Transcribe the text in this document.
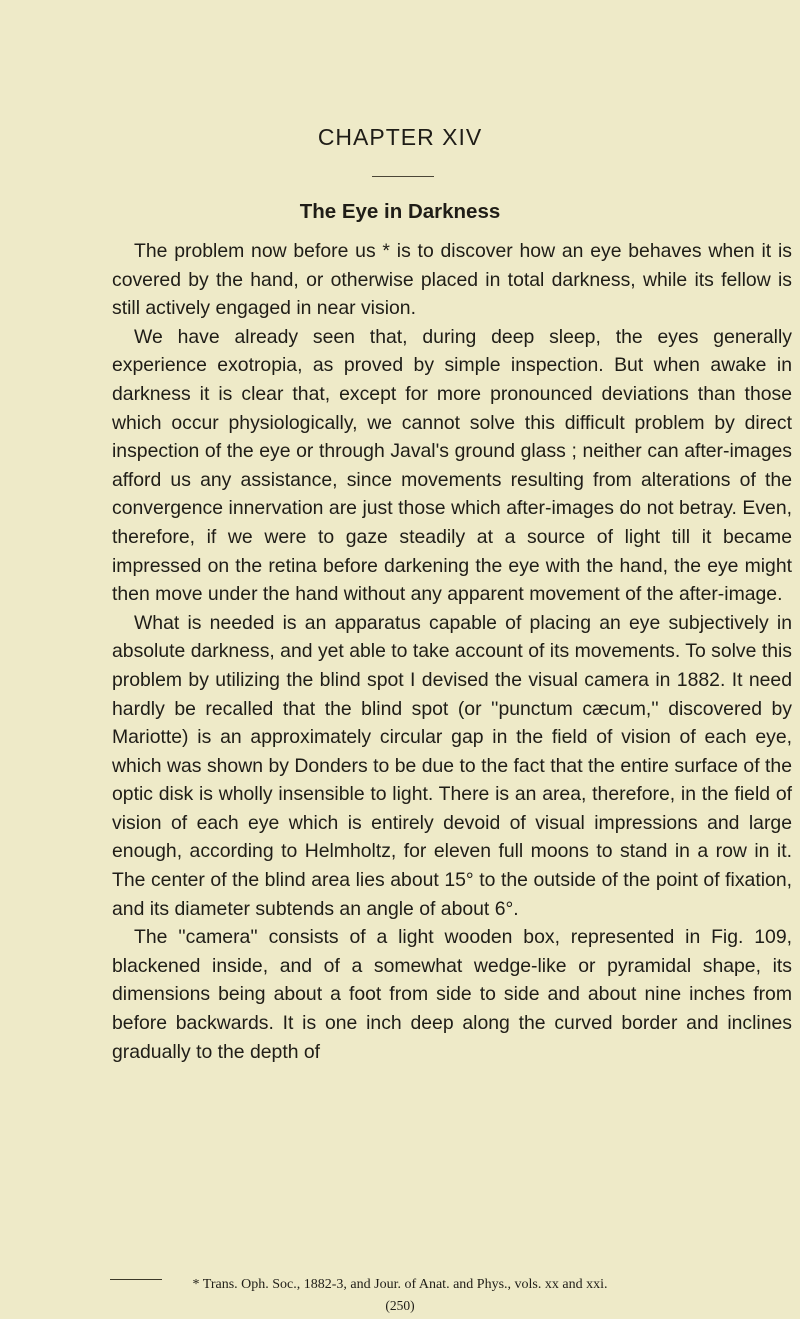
CHAPTER XIV
The Eye in Darkness

The problem now before us * is to discover how an eye behaves when it is covered by the hand, or otherwise placed in total darkness, while its fellow is still actively engaged in near vision.

We have already seen that, during deep sleep, the eyes generally experience exotropia, as proved by simple inspection. But when awake in darkness it is clear that, except for more pronounced deviations than those which occur physiologically, we cannot solve this difficult problem by direct inspection of the eye or through Javal's ground glass ; neither can after-images afford us any assistance, since movements resulting from alterations of the convergence innervation are just those which after-images do not betray. Even, therefore, if we were to gaze steadily at a source of light till it became impressed on the retina before darkening the eye with the hand, the eye might then move under the hand without any apparent movement of the after-image.

What is needed is an apparatus capable of placing an eye subjectively in absolute darkness, and yet able to take account of its movements. To solve this problem by utilizing the blind spot I devised the visual camera in 1882. It need hardly be recalled that the blind spot (or ''punctum cæcum,'' discovered by Mariotte) is an approximately circular gap in the field of vision of each eye, which was shown by Donders to be due to the fact that the entire surface of the optic disk is wholly insensible to light. There is an area, therefore, in the field of vision of each eye which is entirely devoid of visual impressions and large enough, according to Helmholtz, for eleven full moons to stand in a row in it. The center of the blind area lies about 15° to the outside of the point of fixation, and its diameter subtends an angle of about 6°.

The ''camera'' consists of a light wooden box, represented in Fig. 109, blackened inside, and of a somewhat wedge-like or pyramidal shape, its dimensions being about a foot from side to side and about nine inches from before backwards. It is one inch deep along the curved border and inclines gradually to the depth of

* Trans. Oph. Soc., 1882-3, and Jour. of Anat. and Phys., vols. xx and xxi.
(250)
